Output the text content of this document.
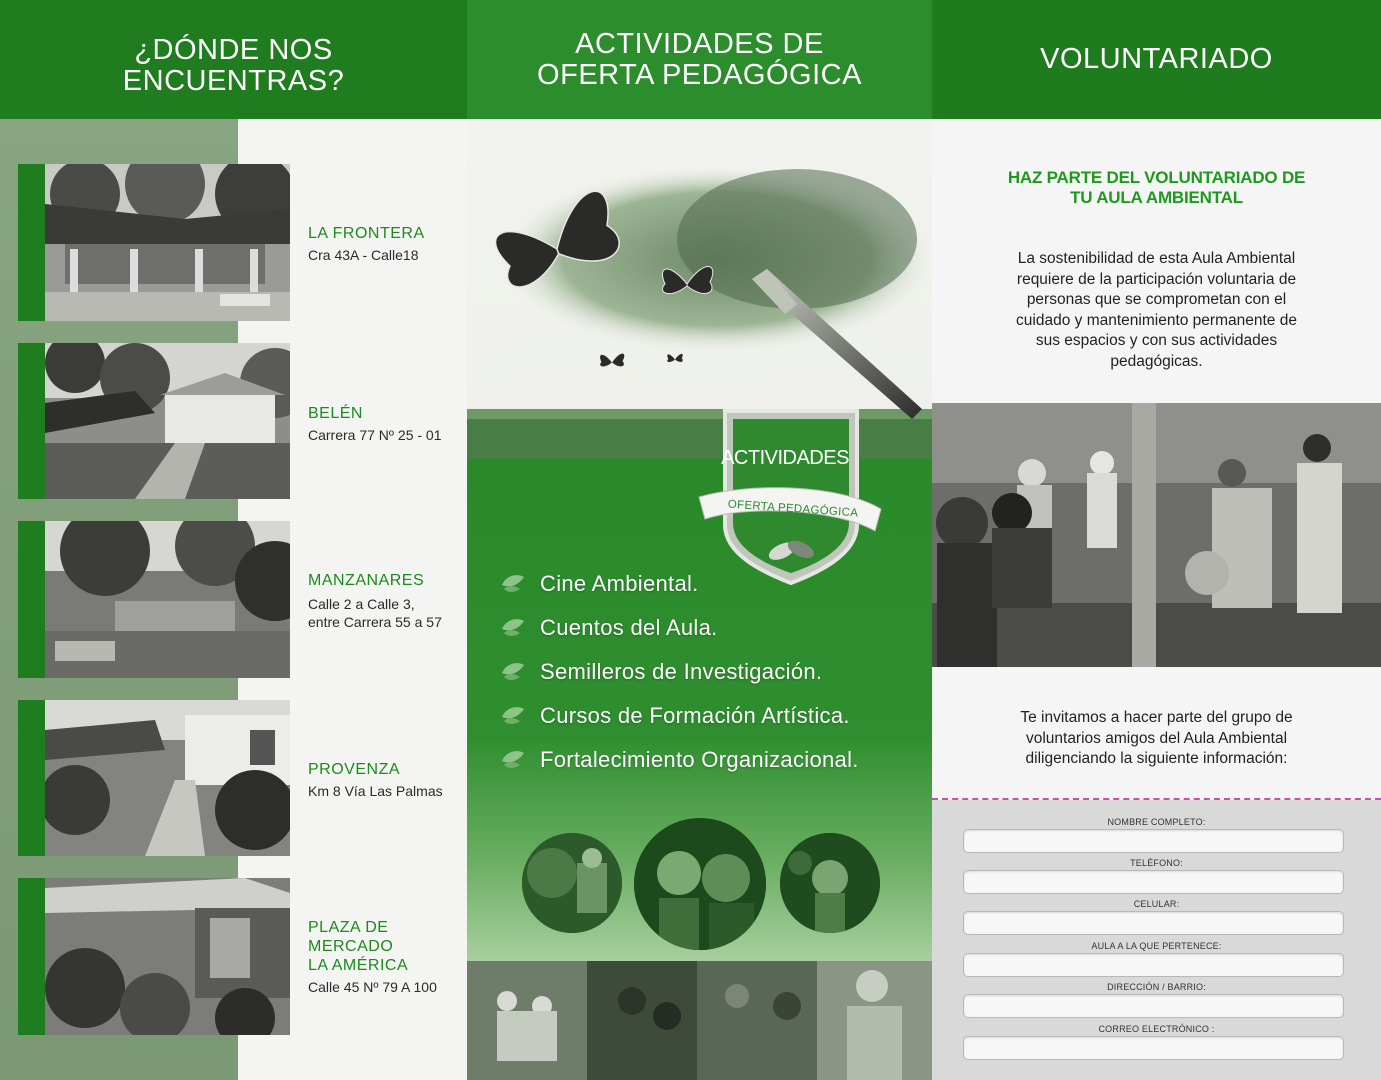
¿DÓNDE NOS
ENCUENTRAS?
LA FRONTERA
Cra 43A - Calle18
BELÉN
Carrera 77 Nº 25 - 01
MANZANARES
Calle 2 a Calle 3,
entre Carrera 55 a 57
PROVENZA
Km 8 Vía Las Palmas
PLAZA DE
MERCADO
LA AMÉRICA
Calle 45 Nº 79 A 100
ACTIVIDADES DE
OFERTA PEDAGÓGICA
ACTIVIDADES
OFERTA PEDAGÓGICA
Cine Ambiental.
Cuentos del Aula.
Semilleros de Investigación.
Cursos de Formación Artística.
Fortalecimiento Organizacional.
VOLUNTARIADO
HAZ PARTE DEL VOLUNTARIADO DE
TU AULA AMBIENTAL
La sostenibilidad de esta Aula Ambiental
requiere de la participación voluntaria de
personas que se comprometan con el
cuidado y mantenimiento permanente de
sus espacios y con sus actividades
pedagógicas.
Te invitamos a hacer parte del grupo de
voluntarios amigos del Aula Ambiental
diligenciando la siguiente información:
NOMBRE COMPLETO:
TELÉFONO:
CELULAR:
AULA A LA QUE PERTENECE:
DIRECCIÓN / BARRIO:
CORREO ELECTRÓNICO :
